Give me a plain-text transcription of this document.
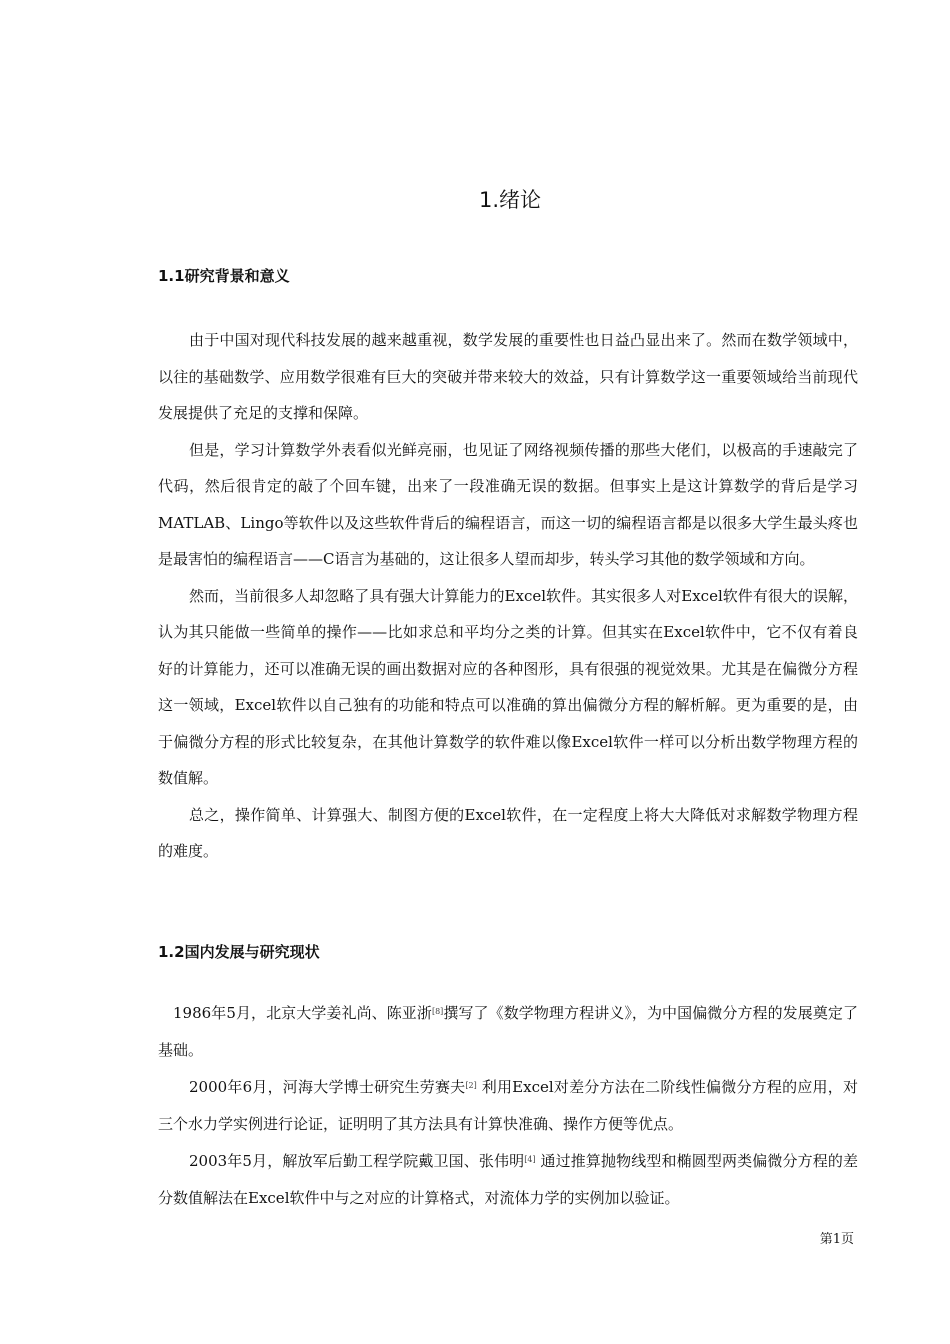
1.绪论
1.1研究背景和意义

由于中国对现代科技发展的越来越重视，数学发展的重要性也日益凸显出来了。然而在数学领域中，以往的基础数学、应用数学很难有巨大的突破并带来较大的效益，只有计算数学这一重要领域给当前现代发展提供了充足的支撑和保障。

但是，学习计算数学外表看似光鲜亮丽，也见证了网络视频传播的那些大佬们，以极高的手速敲完了代码，然后很肯定的敲了个回车键，出来了一段准确无误的数据。但事实上是这计算数学的背后是学习MATLAB、Lingo等软件以及这些软件背后的编程语言，而这一切的编程语言都是以很多大学生最头疼也是最害怕的编程语言——C语言为基础的，这让很多人望而却步，转头学习其他的数学领域和方向。

然而，当前很多人却忽略了具有强大计算能力的Excel软件。其实很多人对Excel软件有很大的误解，认为其只能做一些简单的操作——比如求总和平均分之类的计算。但其实在Excel软件中，它不仅有着良好的计算能力，还可以准确无误的画出数据对应的各种图形，具有很强的视觉效果。尤其是在偏微分方程这一领域，Excel软件以自己独有的功能和特点可以准确的算出偏微分方程的解析解。更为重要的是，由于偏微分方程的形式比较复杂，在其他计算数学的软件难以像Excel软件一样可以分析出数学物理方程的数值解。

总之，操作简单、计算强大、制图方便的Excel软件，在一定程度上将大大降低对求解数学物理方程的难度。

1.2国内发展与研究现状

1986年5月，北京大学姜礼尚、陈亚浙[8]撰写了《数学物理方程讲义》，为中国偏微分方程的发展奠定了基础。

2000年6月，河海大学博士研究生劳赛夫[2] 利用Excel对差分方法在二阶线性偏微分方程的应用，对三个水力学实例进行论证，证明明了其方法具有计算快准确、操作方便等优点。

2003年5月，解放军后勤工程学院戴卫国、张伟明[4] 通过推算抛物线型和椭圆型两类偏微分方程的差分数值解法在Excel软件中与之对应的计算格式，对流体力学的实例加以验证。

第1页
